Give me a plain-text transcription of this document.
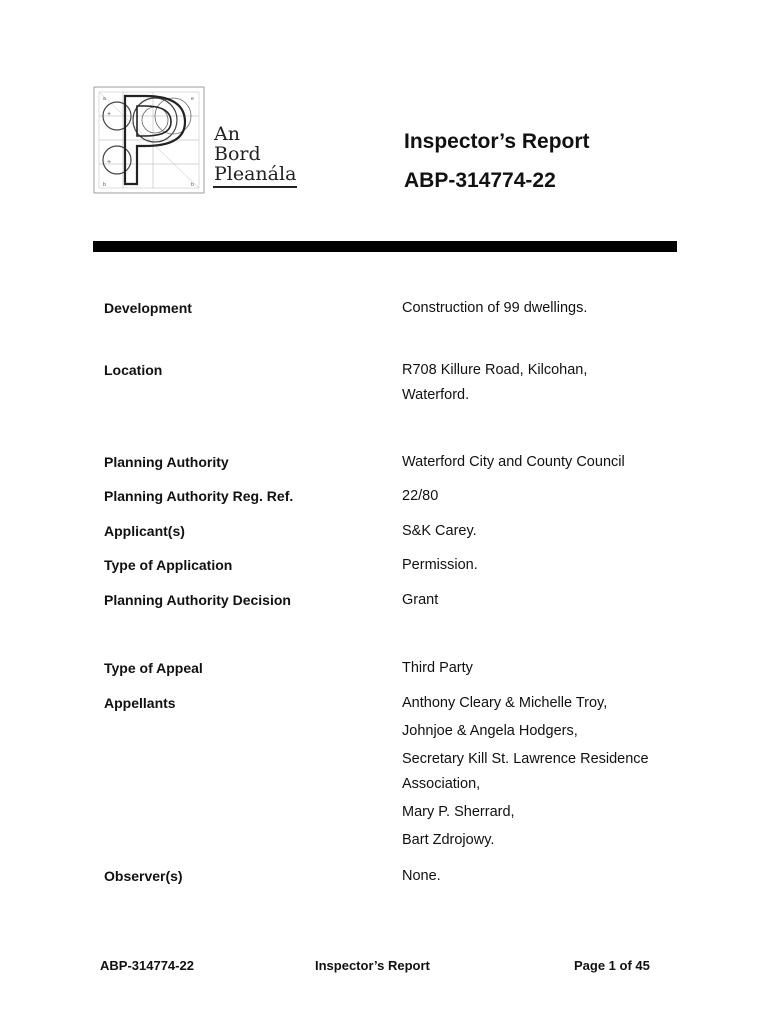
a	e
b	b
+
+
An
Bord
Pleanála
Inspector’s Report
ABP-314774-22
Development	Construction of 99 dwellings.
Location	R708 Killure Road, Kilcohan,
Waterford.
Planning Authority	Waterford City and County Council
Planning Authority Reg. Ref.	22/80
Applicant(s)	S&K Carey.
Type of Application	Permission.
Planning Authority Decision	Grant
Type of Appeal	Third Party
Appellants	Anthony Cleary & Michelle Troy,
Johnjoe & Angela Hodgers,
Secretary Kill St. Lawrence Residence
Association,
Mary P. Sherrard,
Bart Zdrojowy.
Observer(s)	None.
ABP-314774-22	Inspector’s Report	Page 1 of 45
